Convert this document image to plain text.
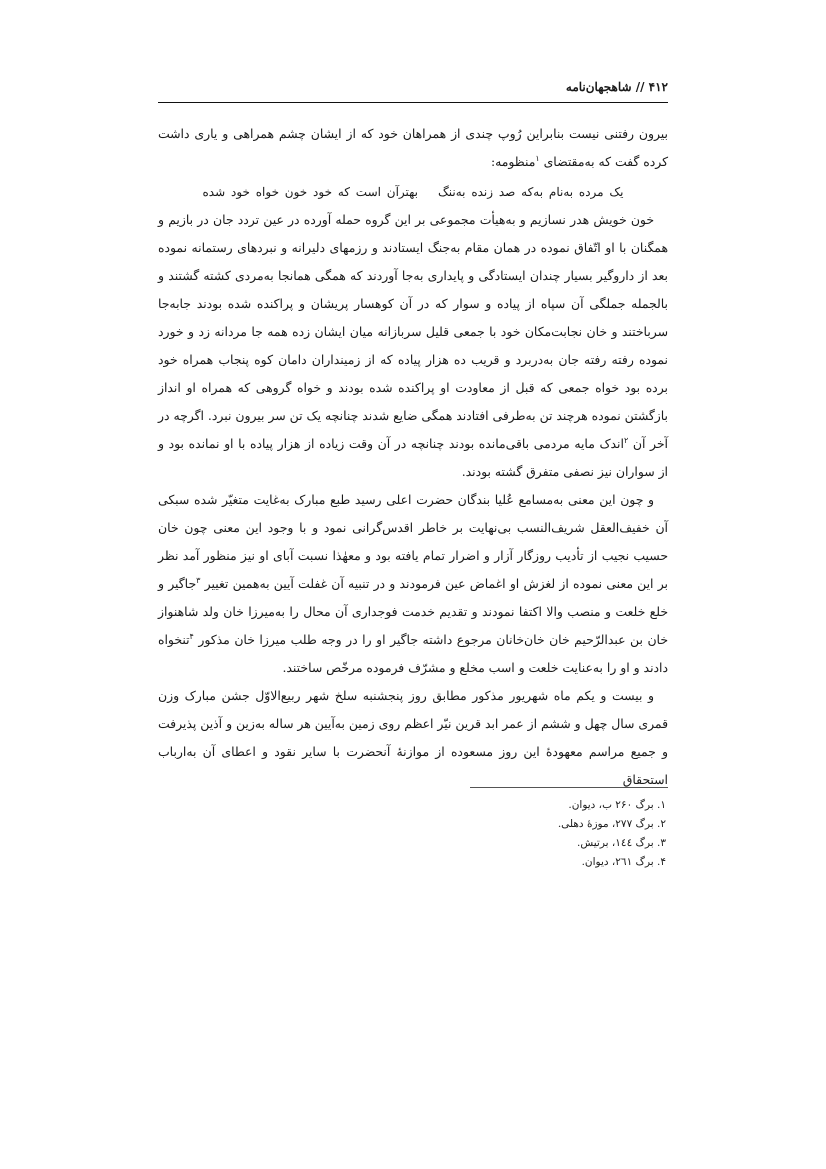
۴۱۲ // شاهجهان‌نامه

بیرون رفتنی نیست بنابراین رُوپ چندی از همراهان خود که از ایشان چشم همراهی و یاری داشت کرده گفت که به‌مقتضای $^۱$منظومه:

یک مرده به‌نام به‌که صد زنده به‌ننگبهترآن است که خود خون خواه خود شده

خون خویش هدر نسازیم و به‌هیأت مجموعی بر این گروه حمله آورده در عین تردد جان در بازیم و همگنان با او اتّفاق نموده در همان مقام به‌جنگ ایستادند و رزمهای دلیرانه و نبردهای رستمانه نموده بعد از داروگیر بسیار چندان ایستادگی و پایداری به‌جا آوردند که همگی همانجا به‌مردی کشته گشتند و بالجمله جملگی آن سپاه از پیاده و سوار که در آن کوهسار پریشان و پراکنده شده بودند جابه‌جا سرباختند و خان نجابت‌مکان خود با جمعی قلیل سربازانه میان ایشان زده همه جا مردانه زد و خورد نموده رفته رفته جان به‌دربرد و قریب ده هزار پیاده که از زمینداران دامان کوه پنجاب همراه خود برده بود خواه جمعی که قبل از معاودت او پراکنده شده بودند و خواه گروهی که همراه او انداز بازگشتن نموده هرچند تن به‌طرفی افتادند همگی ضایع شدند چنانچه یک تن سر بیرون نبرد. اگرچه در آخر آن $^۲$اندک مایه مردمی باقی‌مانده بودند چنانچه در آن وقت زیاده از هزار پیاده با او نمانده بود و از سواران نیز نصفی متفرق گشته بودند.

و چون این معنی به‌مسامع عُلیا بندگان حضرت اعلی رسید طبع مبارک به‌غایت متغیّر شده سبکی آن خفیف‌العقل شریف‌النسب بی‌نهایت بر خاطر اقدس‌گرانی نمود و با وجود این معنی چون خان حسیب نجیب از تأدیب روزگار آزار و اضرار تمام یافته بود و معهٰذا نسبت آبای او نیز منظور آمد نظر بر این معنی نموده از لغزش او اغماض عین فرمودند و در تنبیه آن غفلت آیین به‌همین تغییر $^۳$جاگیر و خلع خلعت و منصب والا اکتفا نمودند و تقدیم خدمت فوجداری آن محال را به‌میرزا خان ولد شاهنواز خان بن عبدالرّحیم خان خان‌خانان مرجوع داشته جاگیر او را در وجه طلب میرزا خان مذکور $^۴$تنخواه دادند و او را به‌عنایت خلعت و اسب مخلع و مشرّف فرموده مرخّص ساختند.

و بیست و یکم ماه شهریور مذکور مطابق روز پنجشنبه سلخ شهر ربیع‌الاوّل جشن مبارک وزن قمری سال چهل و ششم از عمر ابد قرین نیّر اعظم روی زمین به‌آیین هر ساله به‌زین و آذین پذیرفت و جمیع مراسم معهودهٔ این روز مسعوده از موازنهٔ آنحضرت با سایر نقود و اعطای آن به‌ارباب استحقاق

۱. برگ ۲۶۰ ب، دیوان.

۲. برگ ۲۷۷، موزهٔ دهلی.

۳. برگ ۱٤٤، برتیش.

۴. برگ ۲٦۱، دیوان.
